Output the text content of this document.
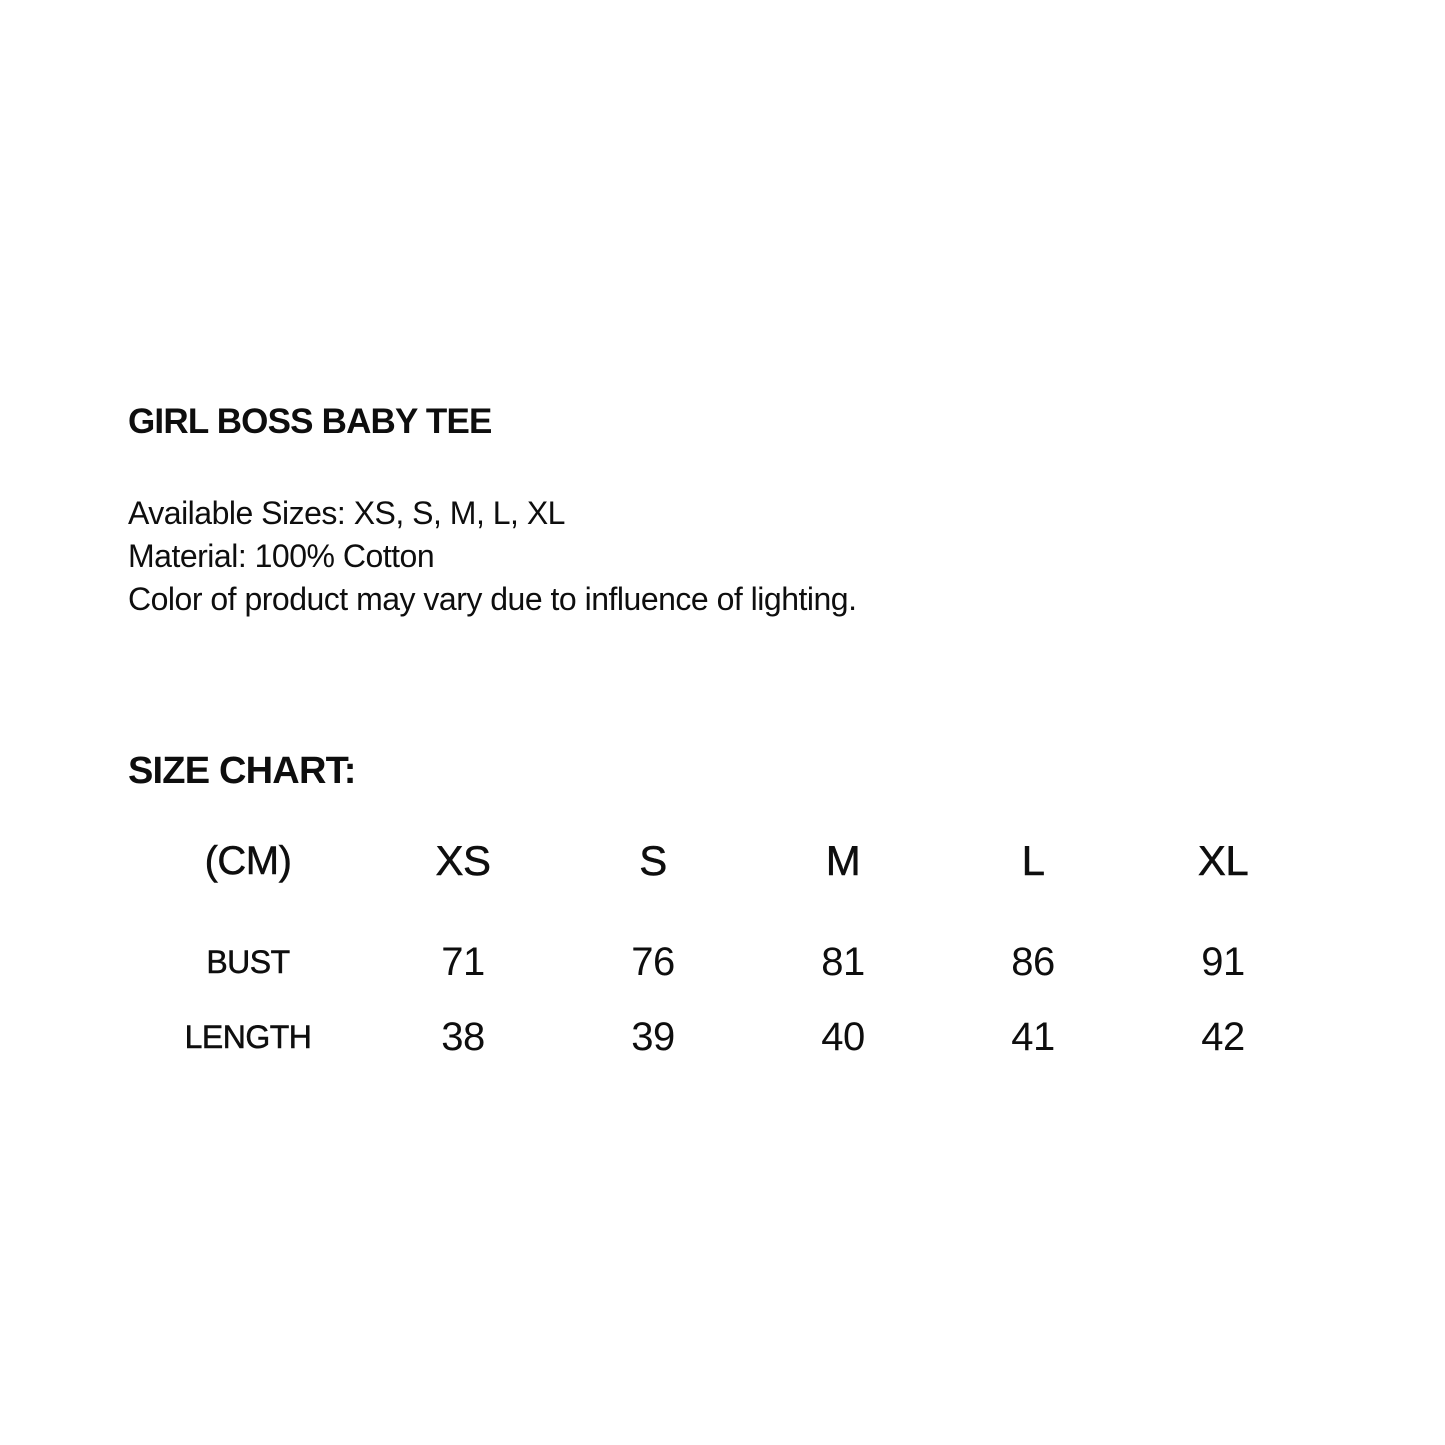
GIRL BOSS BABY TEE

Available Sizes: XS, S, M, L, XL

Material: 100% Cotton

Color of product may vary due to influence of lighting.

SIZE CHART:
(CM)	XS	S	M	L	XL
BUST	71	76	81	86	91
LENGTH	38	39	40	41	42
